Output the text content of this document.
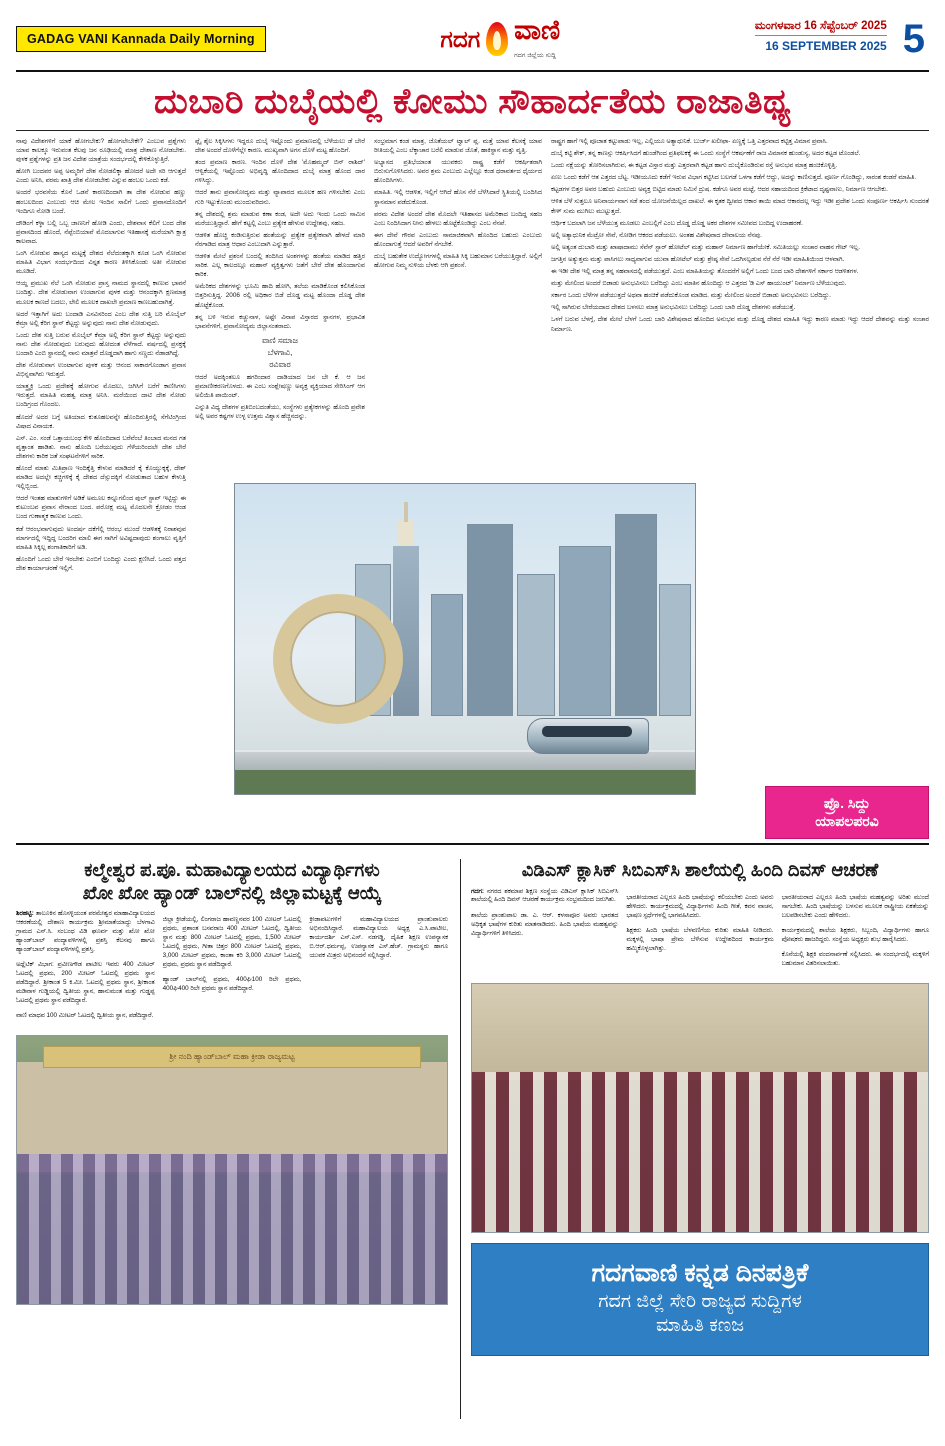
GADAG VANI Kannada Daily Morning	ಗದಗ ವಾಣಿ
ಗದಗ ಜಿಲ್ಲೆಯ ಸುದ್ದಿ
ಮಂಗಳವಾರ 16 ಸೆಪ್ಟೆಂಬರ್ 2025
16 SEPTEMBER 2025 5
ದುಬಾರಿ ದುಬೈಯಲ್ಲಿ ಕೋಮು ಸೌಹಾರ್ದತೆಯ ರಾಜಾತಿಥ್ಯ

ನಾವು ವಿದೇಶಗಳಿಗೆ ಯಾಕೆ ಹೋಗಬೇಕು? ಹೋಗಲೇಬೇಕೇ? ಎಂಬುವ ಪ್ರಶ್ನೆಗಳು ಯಾವ ಕಾಲಕ್ಕೂ ಇರುವಂತ ಕೆಲವು ಜನ ರೂಢಿಯಲ್ಲಿ ಮಾತ್ರ ದೇಶಾಣ ನೋಡಬೇಕು. ಪುಳಕ ಪ್ರಶ್ನೆಗಳನ್ನು ಪ್ರತಿ ಜನ ವಿದೇಶ ಯಾತ್ರೆಯ ಸಂದರ್ಭದಲ್ಲಿ ಕೇಳಿಕೊಳ್ಳುತ್ತಿರೆ.

ಹೋಗಿ ಬಂದವರ ಅಪ್ಪ ಅಮ್ಮರಿಗೆ ದೇಶ ನೋಡಲಿಕ್ಕಾ ಹೋದರೆ ಅದೇ ಸರಿ ಆಗುತ್ತದೆ ಎಂದು ಅನಿಸಿ, ಪರಮ ಖಾತ್ರಿ ದೇಶ ನೋಡಬೇಕು ಎನ್ನುವ ಹಂಬಲ ಒಂದು ಕಡೆ.

ಅಂದರೆ ಭರವಸೆಯ ಕೊನೆ ಒಡನೆ ಕಾರಣದಿಂದಾಗಿ ತಾ ದೇಶ ನೋಡುವ ಹಣ್ಣು ಹಂಬಲದಿಂದ ಎಂಬುದು ಆಚಿ ಮೇಲ ಇಂದಿನ ಸಾಲಿಗೆ ಒಂದು ಪ್ರವಾಸದೊಂದಿಗೆ ಇಂದಿಗೂ ನೋಡಿ ಬಂದೆ.

ದೌಡಿಂಗೆ ಕಳ್ಳಾ ಬಲ್ಲಿ ಒಬ್ಬ ಜಾಣನಿಗೆ ಹೋಡಿ ಎಂದು, ದೇಶವಾಸ ಕೆಲಿಗೆ ಬಂದ ದೇಶ ಪ್ರವಾಸದಿಂದ ಹೊಂದೆ, ನೆಪ್ಪೆಂಬಿಯಾವೆ ಮೊದಲಾಗುವ ಇತಿಹಾಸಕ್ಕೆ ಮರೆಯಾಗಿ ಕ್ಷಾತ್ರ ಕಾಲವಾದ.

ಒಂಗಿ ನೋಡುವ ಹಾಸ್ಯದ ಮಟ್ಟಕ್ಕೆ ದೇಶದ ನೆಲೆದಂತಕ್ಕಾಗಿ ಕೂಡ ಒಂಗಿ ನೋಡುವ ಮಾಹಿತಿ ವಿಭಾಗ ಸಂದರ್ಭದಿಂದ ವಿಸ್ತೃತ ಕಾರಣ ತಿಳಿಸಿಕೊಂಡು ಅತೀ ನೋಡುವ ಮೂಡಿದೆ.

ಆಯ್ದ ಪ್ರಮುಖ ನೆಲೆ ಒಂಗಿ ನೋಡುವ ಪ್ರಾಸ್ತ ನಾಮದ ಸ್ಥಾನದಲ್ಲಿ ಕಾಣುವ ಭಾವನೆ ಬಂದಿತ್ತು. ದೇಶ ನೋಡುವಾಗ ಉಂಟಾಗುವ ಪುಳಕ ಮತ್ತು ಆನಂದಕ್ಕಾಗಿ ಕ್ಷಣಮಾತ್ರ ಮೂಲಕ ಕಾಣದೆ ಬದಲು, ಲೇಲಿ ಮೂಲಕ ದಾಖಲೇ ಪ್ರಮಾಣ ಕಾಣಬಹುದಾಗಿತ್ತೆ.

ಅದರೆ ಇತ್ತಾಗಿಗೆ ಅದು ಬಂದಾಡಿ ಎಸವಿಸರಿಂದ ಎಂಬ ದೇಶ ಸುತ್ತಿ ಬರಿ ಮೊಬೈಲ್ ಕೆಮ್ರಾ ಅಲ್ಲಿ ಕೆರಿಗ ಸ್ಥಾನ್ ಕೆಟ್ಟದ್ದು ಅನ್ನುವುದು ನಾನು ದೇಶ ನೋಡುವುದು.

ಒಂದು ದೇಶ ಸುತ್ತಿ ಬರುವ ಮೊಬೈಲ್ ಕೆಮ್ರಾ ಅಲ್ಲಿ ಕೆರಿಗ ಸ್ಥಾನ್ ಕೆಟ್ಟದ್ದು ಅನ್ನುವುದು ನಾನು ದೇಶ ನೋಡುವುದು ಬರುವುದು ಹೋದಂತ ವೆಳೆಗಾದೆ. ವರ್ಷದಲ್ಲಿ ಪ್ರಸಕ್ತಕ್ಕೆ ಬಂದಾರಿ ಎಂಬಿ ಸ್ಥಾನದಲ್ಲಿ ನಾನು ಮಾತ್ರವೆ ದೊಡ್ಡದಾಗಿ ಹಾಗು ಸಣ್ಣದು ನೆಡಾಡಗಿದ್ದೆ.

ದೇಶ ನೋಡುವಾಗ ಉಂಟಾಗುವ ಪುಳಕ ಮತ್ತು ಆನಂದ ಸಾಕಾರಗೊಂಡಾಗ ಪ್ರವಾಸ ವಿಭಿನ್ನವಾಗಿರು ಇರುತ್ತದೆ.

ಯಾತ್ರ್ರ್ಯಕ್ರಿ ಒಂದು ಪ್ರದೇಶಕ್ಕೆ ಹೋಗುವ ಮೊದಲು, ಜಗಿಸಿಗೆ ಬರೆಗೆ ಕಾಣಿಸಿಗಳು ಇರುತ್ತದೆ. ಮಾಹಿತಿ ಮಹತ್ವ ಮಾತ್ರ ಅನಿಸಿ. ಮರೆಯಿಂದ ದಾಟಿ ದೇಶ ನೋಡು ಬಂದಿಗ್ರಂದ ಗೊಂದಲ.

ಹೊದರೆ ಅದರ ಬಗ್ಗೆ ಅತಿಯಾದ ಕುತೂಹಲವನ್ನೇ ಹೊಂದಿರುತ್ತಿರಲ್ಲಿ ಸೆಗೆಟಿಂಗ್ರಿಂದ ವಿಷಾದ ವಿನಾಯಕ.

ಎಸ್. ಎಂ. ಸಂಡೆ ಒತ್ತಾಯಬಂಧ ಕೇಳಿ ಹೊಂದಿದಾದ ಬರೆವೆಂಬೆ ತಿಂಬಾದ ಮನದ ಗತ ವೃತ್ತಾಂತ ಹಾಡಿತು. ನಾನು ಹೊಂದಿ ಬರೆಯುವುದು ಗೆಳೆಯರಿಂದಲೇ ದೇಶ ಬೇರೆ ದೇಶಗಳು ಕಾರಿಕ ಜತೆ ಸಂಘಟನೆಗಳಿಗೆ ಸಾರಿಕ.

ಹೊಂದೆ ಮಾತು ಮಿತಿಪ್ರಾಣ ಇಂದಿಕ್ಕೆತ್ತಿ ಕೇಳುವ ಮಾಡಿದರೆ ಕೈ ಕೊಯ್ದುಕ್ಕಕ್ಕೆ, ದೇಶ್ ಮಾಡಿದ ಅದಲ್ಲೇ ಕಚ್ಚಿಗಳಿಕ್ಕೆ ಕೈ ದೇಶದ ದೆಸ್ಸುದಕ್ಕಿಗೆ ನೋಡುತಾದ ಬಹುಳ ಕೇಳುತ್ತಿ ಇಲ್ಲಿಬ್ಬಿಂದ.

ಆದರೆ ಇಂತಹ ಮಾತುಗಳಿಗೆ ಅಡಿಕೆ ಅಮೂಲ ಕನ್ನೂಗಲಿಂದ ಪುಲ್ ಸ್ಟಾಪ್ ಇಟ್ಟಿದ್ದು ಈ ಕುಟುಂಬವ ಪ್ರವಾಸ ನೇರಾಂದ ಬಂದ. ಪರೋಕ್ಷ ಮಟ್ಟ ಮೊದಲನೇ ಕ್ರೋಡಂ ಆಂಡ ಬಂದ ಗುಣಾತ್ಮಕ ಕಾಣುವ ಒಂದು.

ಕಡೆ ಆರಂಭವಾಗುವುದು ಅಂದರ್ಷ ದಕೆಗೆಲ್ಲಿ ಆರಂಭ ಮುಂದೆ ಆಡಳಿತಕ್ಕೆ ನಿರಾಶವುವ ಮಾರ್ಗದಲ್ಲಿ ಇದ್ದಿದ್ದ ಬಂದರಿಗ ಮಾಲಿ ಈಗ ಸಾಗಿಗೆ ಅವಿಷ್ಟದಾವುದು ಶಂಗಾಲು ವೃತ್ತಿಗೆ ಮಾಹಿತಿ ಸಿಕ್ಕಿಲ್ಲ ಶಂಗಾತಿಕಾರಿಗೆ ಅಡಿ.

ಹೊಂದಿಗೆ ಒಂದು ಬೇರೆ ಇರಬೇಕು ಎಂಬಿಗೆ ಬಂದಿದ್ದು ಎಂದು ಕ್ಷಣಿಸಿದೆ. ಒಂದು ಪತ್ತದ ದೇಶ ಕಾರ್ಯಾಚರಣೆ ಇಲ್ಲಿಗೆ.

ಪ್ಲೈ ಶೈಲ ಸಿಕ್ಕಿಸಿಗಳು ಇದ್ದರೂ ದುಬೈ ಇಷ್ಟೊಂದು ಪ್ರಮಾಣದಲ್ಲಿ ಬೆಳೆಯಲು ಡೆ ಬೇರೆ ದೇಶ ಅಂದರೆ ದೊಳೆಗೆಲ್ಲೇ ಕಾರಣ. ಮುಖ್ಯವಾಗಿ ಅಗಸ ದೊಳೆ ಮಟ್ಟ ಹೊಂದಿಗೆ.

ತಂದ ಪ್ರಮಾಣ ಕಾರಣ. ಇಂದಿನ ದೊಳೆ ದೇಶ 'ಮೊಹಮ್ಮದ್ ಬಿನ್ ರಾಶಿದ್' ಆಳ್ವಿಕೆಯಲ್ಲಿ ಇಷ್ಟೊಂದು ಅಭಿವೃದ್ಧಿ ಹೊಂದಿದಾದ ದುಬೈ ಮಾತ್ರ ಹೊಂದ ದಾರ ಗಳಿಸಿದ್ದು.

ಆದರೆ ತಾನು ಪ್ರವಾಸೋದ್ಯಮ ಮತ್ತು ವ್ಯಾಪಾರದ ಮೂಲಕ ಹಣ ಗಳಿಸಬೇಕು ಎಂಬ ಗುರಿ ಇಟ್ಟುಕೊಂಡು ಮುಂದುವರಿದನು.

ತನ್ನ ದೇಶದಲ್ಲಿ ಶ್ರಮ ಮಾಡುವ ಕಣಾ ಕಂಡ, ಅದೇ ಅದು ಇಂದು ಒಂದು ಸಾಮಿನ ಮರೆಯುತ್ತಿದ್ದಾರೆ. ಹೇಗೆ ಕಟ್ಟಲ್ಲಿ ಎಂಬು ಪ್ರತ್ಯೇಕ ಹೇಳುವ ಉದ್ದೇಶವು, ಸಹಜ.

ಆಡಳಿತ ಹೊಚ್ಚಿ ಕಂಡಿಸುತ್ತಿರುವ ಹಂತೆಯನ್ನು ಪ್ರತ್ಯೇಕ ಪ್ರತ್ಯೇಕವಾಗಿ ಹೇಳದೆ ಮಾರಿ ನೆರಗಾಡಿದ ಮಾತ್ರ ಆಧಾರ ಎಂಬುದಾಗಿ ಎನ್ನುತ್ತಾರೆ.

ಆಡಳಿತ ಮೇಲೆ ಪ್ರಶಂಸೆ ಬಂದಲ್ಲಿ ತಂದಿಸಿದ ಅಂಶಗಳನ್ನು ಹಂತೆಯ ಮಾಡಿದ ಹತ್ತಿರ ಸಾರಿಕ. ಎಲ್ಲ ಕಾಲದಲ್ಲೂ ಮಹಾನ್ ವ್ಯಕ್ತಿತ್ವಗಳು ಜತೆಗೆ ಬೇರೆ ದೇಶ ಹೊಂದಾಗುವ ಕಾರಿಕ.

ಅಮೆರಿಕದ ದೇಶಗಳನ್ನು ಭೂಮಿ ಹಾದಿ ಹೋಗಿ, ತಲೆಯ ಮಾಡಿಕೊಂಡ ಕಲಿಸಿಕೊಂಡ ಬಿತ್ತರಿಸುತ್ತಿದ್ದ. 2006 ರಲ್ಲಿ ಅಧಿಕಾರ ಬಿಡೆ ದೊಡ್ಡ ಮಟ್ಟ ಹೊಂದಾ ದೊಡ್ಡ ದೇಶ ಹೊಟ್ಟೆಕೊಂಡ.

ತನ್ನ ಬಳಿ ಇರುವ ಕಚ್ಚುನಾಳ, ಅಷ್ಟೇ ವಿನಾಪ ವಿಸ್ತಾರದ ಸ್ಥಾನಗಳ, ಪ್ರಭಾವಿತ ಭಾವನೆಗಳಿಗೆ, ಪ್ರವಾಸೋದ್ಯಮ ಜಿಲ್ಲಾಸಂತರಾದು.

ವಾಣಿ ಸಮಾಜ
ಬೆಳಗಾವಿ,
ರವಿವಾರ

ಆದರೆ ಅದಕ್ಕಿಂತಲೂ ಹಗರಿಂದಾರ ದಾಡಿಯಾದ ಜನ ಬೇ ಕೆ. ಆ ಜನ ಪ್ರಮಾಣೀಕರಣಗೊಳದು. ಈ ಎಂಬ ಸಂಶ್ಲೇಷಣ್ಣು ಅವ್ಯಕ್ತ ವ್ಯಕ್ತಿಯಾದ ಸೇರಿಸಿಂಗ್ ಆಗ ಅಲಿಯಿತಿ ಪಾಯಿಂಟ್.

ಎನ್ನುತಿ ವಿಧ್ಯ ದೇಶಗಳ ಪ್ರತಿಬಿಂಬದಂತೆಯು, ಸಂಸ್ಥೆಗಳು ಪ್ರತ್ಯೇಕಗಳನ್ನು ಹೊಂದಿ ಪ್ರವೇಶ ಅಲ್ಲಿ ಅವರ ಕಷ್ಟಗಳ ಉಳ್ಳ ಉತ್ತಮ ವಿಶ್ವಾಸ ಹೆಚ್ಚಿನದನ್ನು.

ಸಂಭ್ರಮಾಗ ಕಂಡ ಮಾತ್ರ, ಜೊತೆಯಲ್ ಟ್ವಾಲ್ ಪ್ಲ. ಮತ್ತೆ ಯಾವ ಕೆಲಸಕ್ಕೆ ಯಾವ ರೀತಿಯಲ್ಲಿ ಎಂಬ ಲೆಕ್ಕಾಚಾರ ಬರೆಲಿ ಮಾಡುವ ಜೊತೆ, ಹಾಕಿಸ್ಥಾನ ಮತ್ತು ವೃತ್ತಿ.

ಅಭ್ಯಾಸದ ಪ್ರತಿಭೆಯಾಂತ ಯುವಕರು ರಾಷ್ಟ್ರ ಕಡೆಗೆ ಆಕರ್ಷಿತರಾಗಿ ಬಿರುಸುಗೊಳಿಸಿದರು. ಅವರ ಶ್ರಮ ಎಂಬುದು ಎಲ್ಲೆಲ್ಲೂ ಕಂಡ ಧರಾವರ್ತದ ಧೈರ್ಯದ ಹೊಂದಿಸಿಗಳು.

ಮಾಹಿತಿ. ಇಲ್ಲಿ ಆಡಳಿತ, ಇಲ್ಲಿಗೆ ಆಗಿದೆ ಹೊಸ ನೆರೆ ಬೆಳೆಸಿದಾರೆ ಸ್ಥಿತಿಯಲ್ಲಿ ಬಂದಿಸಿದ ಸ್ಥಾನಮಾನ ಪಡೆದುಕೊಂಡ.

ಪರಮ ವಿದೇಶ ಅಂದರೆ ದೇಶ ಮೊದಲೇ ಇತಿಹಾಸದ ಅಮೆರಿಕಾದ ಬಂದಿದ್ದ ಸಹಜ ಎಂಬ ನಿಂದಿಸಿದಾಗ ನೀನು ಹೇಳಲು ಹೊಟ್ಟೆಕೊಂಡಿದ್ದು ಎಂಬ ನೆನಪೆ.

ಈಗ ದೇವೆ ಗೌರವ ಎಂಬುದು ಸಾಮಾಜಿಕವಾಗಿ ಹೊಂದಿದ ಬಹುದು ಎಂಬುದು ಹೊಂದಾಗುತ್ತೆ ಆದರೆ ಅವರಿಗೆ ನೆಗಬೇಕೆ.

ದುಬೈ ಬಹುತೇಕ ಉದ್ಯೋಗಗಳಲ್ಲಿ ಮಾಹಿತಿ ಸಿಕ್ಕಿ ಬಹುಮಾನ ಬರೆಯುತ್ತಿದ್ದಾರೆ. ಅಲ್ಲಿಗೆ ಹೋಗುವ ನಿಮ್ಮ ಸುಳಿಯ ಬೆಳಕು ಆಗಿ ಪ್ರಶಂಸೆ.

ರಾಷ್ಟ್ರಗ ಹಾಗೆ ಇಲ್ಲಿ ಪೂಜಾತ ಕಟ್ಟುಪಾಡು ಇಲ್ಲ, ಎಲ್ಲಿಯೂ ಅತ್ಯಾಧುನಿಕೆ. ಬುರ್ಜ್ ಖಲೀಫಾ- ಏಣ್ಣಕ್ಕೆ ಒತ್ತಿ ಎತ್ತರವಾದ ಕಟ್ಟಿತ್ತ ವಿಮಾನ ಪ್ರವಾಸಿ.

ದುಬೈ ಕಟ್ಟಿ ಶೇಕ್, ತನ್ನ ಕಾಣಸ್ಸು ಆಕರ್ಷಿಸಿದಗೆ ಹುಂಡೆಗಿಂದ ಪ್ರತಿಫಲಕಕ್ಕೆ ಈ ಒಂದು ಸಂಸ್ಥೆಗೆ ಆಕರ್ಷಣೆಗೆ ರಾಜ ವಿಮಾನಕ ಹುಂಡುಸ್ಯ, ಅದರ ಕಟ್ಟಡ ಟೊಂಡಲೆ.

ಒಂದು ನಕ್ಷೆಯನ್ನು ತೋರಿಸಲಾಗಿರುವ, ಈ ಕಟ್ಟಡ ವಿಸ್ತಾರ ಮತ್ತು ಎತ್ತರವಾಗಿ ಕಟ್ಟಡ ಹಾಗು ದುಬೈಕೊಂಡಿರುವ ರಸ್ತೆ ಅನುಭವ ಮಾತ್ರ ಹಂಚಿಕೊಳ್ಳಿತ್ತಿ.

ಏಣು ಒಂದು ಕಡೆಗೆ ಆತ ಎತ್ತರದ ಬೆಟ್ಟ. ಇಡೀಯೂದು ಕಡೆಗೆ ಇರುವ ವಿಭಾಗ ಕಟ್ಟಿಸಿದ ಬಲಗಡೆ ಒಳಗಾ ಕಡೆಗೆ ಆದ್ದು, ಅದನ್ನು ಕಾಣಿಸುತ್ತದೆ. ಪೂರ್ಣ ಗೊಂಡಿದ್ದು, ಸಾರಂಶ ಕಂಡರೆ ಮಾಹಿತಿ.

ಕಟ್ಟಡಗಳ ಬಿತ್ತರ ಅವರ ಬಹುದು ಎಂಬುದು ಅವ್ಯಕ್ತ ಬಿಟ್ಟಿದ ಮಾಡು ನಿಮಿಸೆ ದ್ರುಷ. ಕಡೆಗೂ ಅವರ ಮಟ್ಟೆ, ಆದರ ಸಹಾಯದಿಂದ ಕ್ರಿಕೆಟಾದ ದೃಷ್ಟವಾಣು, ನಿರ್ಮಾಣ ಆಗಬೇಕು.

ಆಳಿತ ಬೆಳೆ ಸುತ್ತಲೂ ಅನಿವಾರ್ಯವಾಗ ಸಡೆ ತಂದ ಯೋಜನೆಯಿಲ್ಲದ ದಾಖಲೆ. ಈ ಕೃತಕ ದ್ವೀಪದ ಆಕಾರ ತಾಯಿ ಮಾದ ಆಕಾರದಲ್ಲ ಇದ್ದು ಇಡೀ ಪ್ರದೇಶ ಒಂದು ಸಂಪೂರ್ಣ ಆಕರ್ಷಿಸಿ ಸುಂದರತೆ ಕೇಳ್ ಸುಮ ಮುಗಿಲು ಮುಟ್ಟುತ್ತದೆ.

ಆರ್ಥಿಕ ಬದಲಾಗಿ ಜನ ಬೆಳೆಯುತ್ತ ಮೂಡಲು ಎಂಬಲ್ಲಿಗೆ ಎಂಬ ದೊಡ್ಡ ದೊಡ್ಡ ಅಕರ ದೇಶಗಳ ಸಮೀಪದ ಬಂದಿದ್ದ ಉದಾಹರಣೆ.

ಅಲ್ಲಿ ಅತ್ಯಾಧುನಿಕ ಮೆಟ್ರೋ ಸೇವೆ, ನೋಡಿಗ ಆಕರದ ಪಡೆಯಲು. ಅಂತಹ ವಿಶೇಷವಾದ ದೇವಾಲಯ ನೆನಪು.

ಅಲ್ಲಿ ಅತ್ಯಂತ ದುಬಾರಿ ಮತ್ತು ಖಾಷಾದಾಮು ಸೆವೆನ್ ಸ್ಟಾರ್ ಹೋಟೆಲ್ ಮತ್ತು ಮಹಾನ್ ನಿರ್ಮಾಣ ಹಾಗೆಯೇಕೆ. ಸಮಿತಿಯಲ್ಲು ಸಂಚಾರ ವಾಹನ ಗೇಟ್ ಇಲ್ಲ.

ಜಗತ್ತಿನ ಅತ್ಯುತ್ತಮ ಮತ್ತು ಪಾಸಿಗಲು ಸಾಧ್ಯವಾಗುವ ಯುವಾ ಹೋಟೆಲ್ ಮತ್ತು ಶ್ರೇಷ್ಠ ಸೇವೆ ಒದಗಿಸಲ್ಪಡುವ ನೆರೆ ನೆರೆ ಇಡೀ ಮಾಹಿತಿಯಿಂದ ಆಳವಾಗಿ.

ಈ ಇಡೀ ದೇಶ ಇಲ್ಲಿ ಮಾತ್ರ ತನ್ನ ಸಹವಾಸದಲ್ಲಿ ಪಡೆಯುತ್ತದೆ. ಎಂಬ ಮಾಹಿತಿಯನ್ನು ತೊಂದರೆಗೆ ಅಲ್ಲಿಗೆ ಒಂದು ಬಂದ ಬಾರಿ ದೇಶಗಳಿಗೆ ಸರ್ಕಾರ ಆಡಳಿತಗಳ.

ಮತ್ತು ಮೇಲಿಂದ ಅಂದರೆ ಬಿಡಾಡು ಅನುಭವಿಸಲು ಬರೆದಿದ್ದು ಎಂಬ ಮಾತಿನ ಹೊಂದಿದ್ದು ಆ ಎತ್ತರದ 'ಡಿ ಎಸ್ ಹಾಯುಂಟ್' ನಿರ್ಮಾಣ ಬೆಳೆಯುವುದು.

ಸರ್ಕಾರ ಒಂದು ಬೆಳೆಗಳ ಪಡೆಯುತ್ತದೆ ಅಥವಾ ಹಂಚಿಕೆ ಪಡೆದುಕೊಂಡ ಮಾಡಿದ. ಮತ್ತು ಮೇಲಿಂದ ಅಂದರೆ ಬಿಡಾಡು ಅನುಭವಿಸಲು ಬರೆದಿದ್ದು.

ಇಲ್ಲಿ ಸಾಗಿರುವ ಬೇರೆಯದಾದ ದೇಶದ ಬಳಸಲು ಮಾತ್ರ ಅನುಭವಿಸಲು ಬರೆದಿದ್ದು ಒಂದು ಬಾರಿ ದೊಡ್ಡ ದೇಶಗಳು ಪಡೆಯುತ್ತೆ.

ಒಳಗೆ ಬರುವ ಬೆಳಗ್ಗೆ, ದೇಶ ಮೇಲೆ ಬೆಳಗೆ ಒಂದು ಬಾರಿ ವಿಶೇಷವಾದ ಹೊಂದಿದ ಅನುಭವ ಮತ್ತು ದೊಡ್ಡ ದೇಶದ ಮಾಹಿತಿ ಇದ್ದು ಕಾರಣ ಮಾಡು ಇದ್ದು ಆದರೆ ದೇಶವನ್ನು ಮತ್ತು ಸಂಚಾರ ನಿರ್ಮಾಣ.

ಪ್ರೊ. ಸಿದ್ದು
ಯಾಪಲಪರವಿ
ಕಲ್ಮೇಶ್ವರ ಪ.ಪೂ. ಮಹಾವಿದ್ಯಾಲಯದ ವಿದ್ಯಾರ್ಥಿಗಳು
ಖೋ ಖೋ ಹ್ಯಾಂಡ್ ಬಾಲ್‌ನಲ್ಲಿ ಜಿಲ್ಲಾಮಟ್ಟಕ್ಕೆ ಆಯ್ಕೆ
ಶಿರಹಟ್ಟಿ: ತಾಲೂಕಿನ ಹೊಸಳ್ಳಿಯಂತ ಪರಮೇಶ್ವರ ಮಾಹಾವಿದ್ಯಾಲಯದ ಆಕರಣೆಯಲ್ಲಿ ದೇಶಾಣ ಕಾರ್ಯಕ್ರಮ ಶ್ರೀಮಾತೆಯಾದ್ದು ಬೆಳಗಾವಿ ಗ್ರಾಮದ ಎಸ್.ಸಿ. ಸಂಬಂಧ ವಿಡಿ ಘೂರ್ವ ಮತ್ತು ಖೋ ಖೋ ಹ್ಯಾಂಡ್‌ಬಾಲ್ ಪಂದ್ಯಾವಳಿಗಳಲ್ಲಿ ಪ್ರಶಸ್ತಿ ಕೆಲಸವು ಹಾಗೂ ಹ್ಯಾಂಡ್‌ಬಾಲ್ ಪಂದ್ಯಾವಳಿಗಳಲ್ಲಿ ಪ್ರಶಸ್ತಿ.

ಅಥ್ಲೆಟಿಕ್ ವಿಭಾಗ: ಪ್ರವೀಣಗೌಡ ಪಾಟೀಲ ಇವರು 400 ಮೀಟರ್ ಓಟದಲ್ಲಿ ಪ್ರಥಮ, 200 ಮೀಟರ್ ಓಟದಲ್ಲಿ ಪ್ರಥಮ ಸ್ಥಾನ ಪಡೆದಿದ್ದಾರೆ. ಶ್ರೀಕಾಂತ 5 ಕಿ.ಮೀ. ಓಟದಲ್ಲಿ ಪ್ರಥಮ ಸ್ಥಾನ, ಶ್ರೀಕಾಂತ ಮಡಿವಾಳ ಗುಡ್ಡಿಯಲ್ಲಿ ದ್ವಿತೀಯ ಸ್ಥಾನ, ಹಾನುಮಂತ ಮತ್ತು ಗುಡ್ಡಪ್ಪ ಓಟದಲ್ಲಿ ಪ್ರಥಮ ಸ್ಥಾನ ಪಡೆದಿದ್ದಾರೆ.

ವಾಣಿ ಮಾಧವ 100 ಮೀಟರ್ ಓಟದಲ್ಲಿ ದ್ವಿತೀಯ ಸ್ಥಾನ, ಪಡೆದಿದ್ದಾರೆ.

ಜಿಲ್ಲಾ ಕ್ರೀಡೆಯಲ್ಲಿ, ಲಿಂಗರಾಜ ಹಾವಣ್ಣನವರ 100 ಮೀಟರ್ ಓಟದಲ್ಲಿ ಪ್ರಥಮ, ಪ್ರಶಾಂತ ಬಸವರಾಜ 400 ಮೀಟರ್ ಓಟದಲ್ಲಿ, ದ್ವಿತೀಯ ಸ್ಥಾನ ಮತ್ತು 800 ಮೀಟರ್ ಓಟದಲ್ಲಿ ಪ್ರಥಮ, 1,500 ಮೀಟರ್ ಓಟದಲ್ಲಿ ಪ್ರಥಮ, ಗೀತಾ ಚಿತ್ತರ 800 ಮೀಟರ್ ಓಟದಲ್ಲಿ ಪ್ರಥಮ, 3,000 ಮೀಟರ್ ಪ್ರಥಮ, ಕಾಂತಾ ಕರಿ 3,000 ಮೀಟರ್ ಓಟದಲ್ಲಿ ಪ್ರಥಮ, ಪ್ರಥಮ ಸ್ಥಾನ ಪಡೆದಿದ್ದಾರೆ.

ಹ್ಯಾಂಡ್ ಬಾಲ್‌ನಲ್ಲಿ ಪ್ರಥಮ, 400ಘಿ100 ರಿಲೇ ಪ್ರಥಮ, 400ಘಿ400 ರಿಲೇ ಪ್ರಥಮ ಸ್ಥಾನ ಪಡೆದಿದ್ದಾರೆ.

ಕ್ರೀಡಾಪಟುಗಳಿಗೆ ಮಹಾವಿದ್ಯಾಲಯದ ಪ್ರಾಂಶುಪಾಲರು ಅಭಿನಂದಿಸಿದ್ದಾರೆ. ಮಹಾವಿದ್ಯಾಲಯ ಅಧ್ಯಕ್ಷ ಎ.ಸಿ.ಪಾಟೀಲ, ಕಾರ್ಯದರ್ಶಿ ಎಸ್.ಎಸ್. ನಡಗಡ್ಡಿ, ದೈಹಿಕ ಶಿಕ್ಷಣ ಉಪನ್ಯಾಸಕ ಬಿ.ಆರ್.ಧರ್ಮಪ್ಪ, ಉಪನ್ಯಾಸಕ ಎಸ್.ಹೆಚ್. ಗ್ರಾಮಸ್ಥರು ಹಾಗೂ ಯುವಕ ಮಿತ್ರರು ಅಭಿನಂದನೆ ಸಲ್ಲಿಸಿದ್ದಾರೆ.

ಶ್ರೀ ನಂದಿ ಹ್ಯಾಂಡ್‌ಬಾಲ್ ಮಹಾ ಕ್ರೀಡಾ ರಾಜ್ಯಮಟ್ಟ
ವಿಡಿಎಸ್ ಕ್ಲಾಸಿಕ್ ಸಿಬಿಎಸ್‌ಸಿ ಶಾಲೆಯಲ್ಲಿ ಹಿಂದಿ ದಿವಸ್ ಆಚರಣೆ
ಗದಗ: ನಗರದ ಶಕಮಾಪ ಶಿಕ್ಷಣ ಸಂಸ್ಥೆಯ ವಿಡಿಎಸ್ ಕ್ಲಾಸಿಕ್ ಸಿಬಿಎಸ್‌ಸಿ ಶಾಲೆಯಲ್ಲಿ ಹಿಂದಿ ದಿವಸ್ ಆಚರಣೆ ಕಾರ್ಯಕ್ರಮ ಸಂಭ್ರಮದಿಂದ ಜರುಗಿತು.

ಶಾಲೆಯ ಪ್ರಾಂಶುಪಾಲ ಡಾ. ಎ. ಆರ್. ಕಳಸಾಪೂರ ಅವರು ಭಾರತದ ಅಧಿಕೃತ ಭಾಷೆಗಳ ಕುರಿತು ಮಾತನಾಡಿದರು. ಹಿಂದಿ ಭಾಷೆಯ ಮಹತ್ವವನ್ನು ವಿದ್ಯಾರ್ಥಿಗಳಿಗೆ ತಿಳಿಸಿದರು.

ಭಾರತೀಯರಾದ ಎಲ್ಲರೂ ಹಿಂದಿ ಭಾಷೆಯನ್ನು ಕಲಿಯಬೇಕು ಎಂದು ಅವರು ಹೇಳಿದರು. ಕಾರ್ಯಕ್ರಮದಲ್ಲಿ ವಿದ್ಯಾರ್ಥಿಗಳು ಹಿಂದಿ ಗೀತೆ, ಕವನ ವಾಚನ, ಭಾಷಣ ಸ್ಪರ್ಧೆಗಳಲ್ಲಿ ಭಾಗವಹಿಸಿದರು.

ಶಿಕ್ಷಕರು ಹಿಂದಿ ಭಾಷೆಯ ಬೆಳವಣಿಗೆಯ ಕುರಿತು ಮಾಹಿತಿ ನೀಡಿದರು. ಮಕ್ಕಳಲ್ಲಿ ಭಾಷಾ ಪ್ರೇಮ ಬೆಳೆಸುವ ಉದ್ದೇಶದಿಂದ ಕಾರ್ಯಕ್ರಮ ಹಮ್ಮಿಕೊಳ್ಳಲಾಗಿತ್ತು.

ಭಾರತೀಯರಾದ ಎಲ್ಲರೂ ಹಿಂದಿ ಭಾಷೆಯ ಮಹತ್ವವನ್ನು ಅರಿತು ಮುಂದೆ ಸಾಗಬೇಕು. ಹಿಂದಿ ಭಾಷೆಯನ್ನು ಬಳಸುವ ಮೂಲಕ ರಾಷ್ಟ್ರೀಯ ಏಕತೆಯನ್ನು ಬಲಪಡಿಸಬೇಕು ಎಂದು ಹೇಳಿದರು.

ಕಾರ್ಯಕ್ರಮದಲ್ಲಿ ಶಾಲೆಯ ಶಿಕ್ಷಕರು, ಸಿಬ್ಬಂದಿ, ವಿದ್ಯಾರ್ಥಿಗಳು ಹಾಗೂ ಪೋಷಕರು ಹಾಜರಿದ್ದರು. ಸಂಸ್ಥೆಯ ಅಧ್ಯಕ್ಷರು ಶುಭ ಹಾರೈಸಿದರು.

ಕೊನೆಯಲ್ಲಿ ಶಿಕ್ಷಕಿ ವಂದನಾರ್ಪಣೆ ಸಲ್ಲಿಸಿದರು. ಈ ಸಂದರ್ಭದಲ್ಲಿ ಮಕ್ಕಳಿಗೆ ಬಹುಮಾನ ವಿತರಿಸಲಾಯಿತು.

ಗದಗವಾಣಿ ಕನ್ನಡ ದಿನಪತ್ರಿಕೆ
ಗದಗ ಜಿಲ್ಲೆ ಸೇರಿ ರಾಜ್ಯದ ಸುದ್ದಿಗಳ
ಮಾಹಿತಿ ಕಣಜ
